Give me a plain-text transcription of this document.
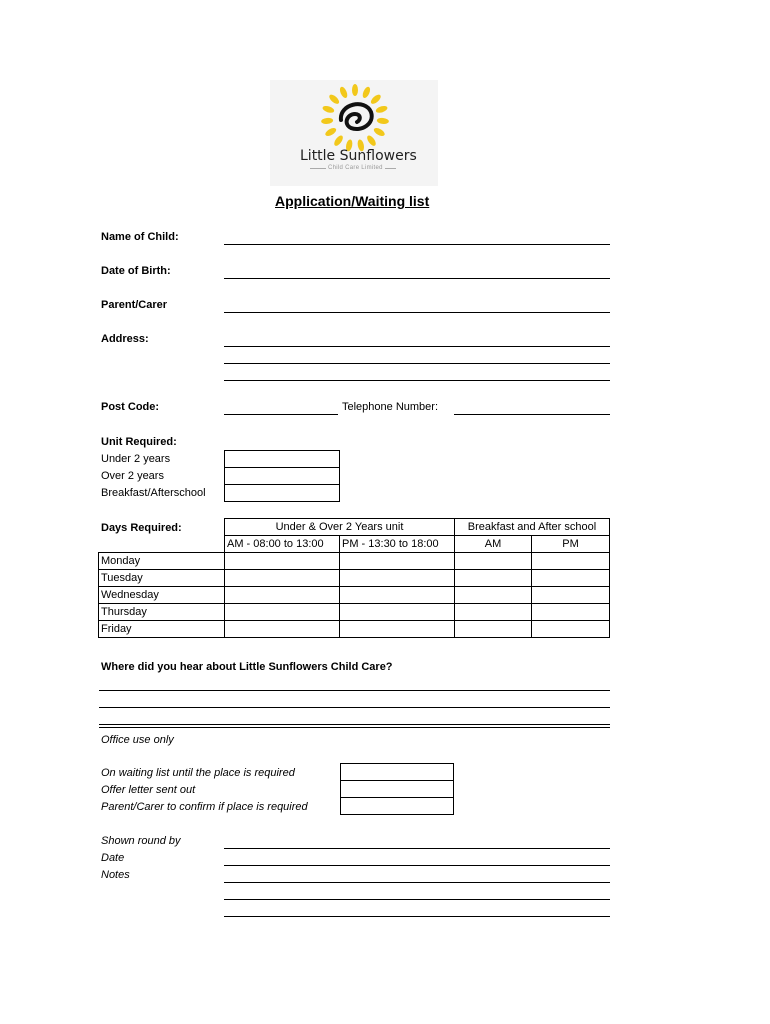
Little Sunflowers
Child Care Limited
Application/Waiting list
Name of Child:
Date of Birth:
Parent/Carer
Address:
Post Code:	Telephone Number:
Unit Required:
Under 2 years
Over 2 years
Breakfast/Afterschool
Days Required:
		Under & Over 2 Years unit		Breakfast and After school	
	AM - 08:00 to 13:00	PM - 13:30 to 18:00	AM	PM
Monday				
Tuesday				
Wednesday				
Thursday				
Friday				
Where did you hear about Little Sunflowers Child Care?
Office use only
On waiting list until the place is required
Offer letter sent out
Parent/Carer to confirm if place is required
Shown round by
Date
Notes
